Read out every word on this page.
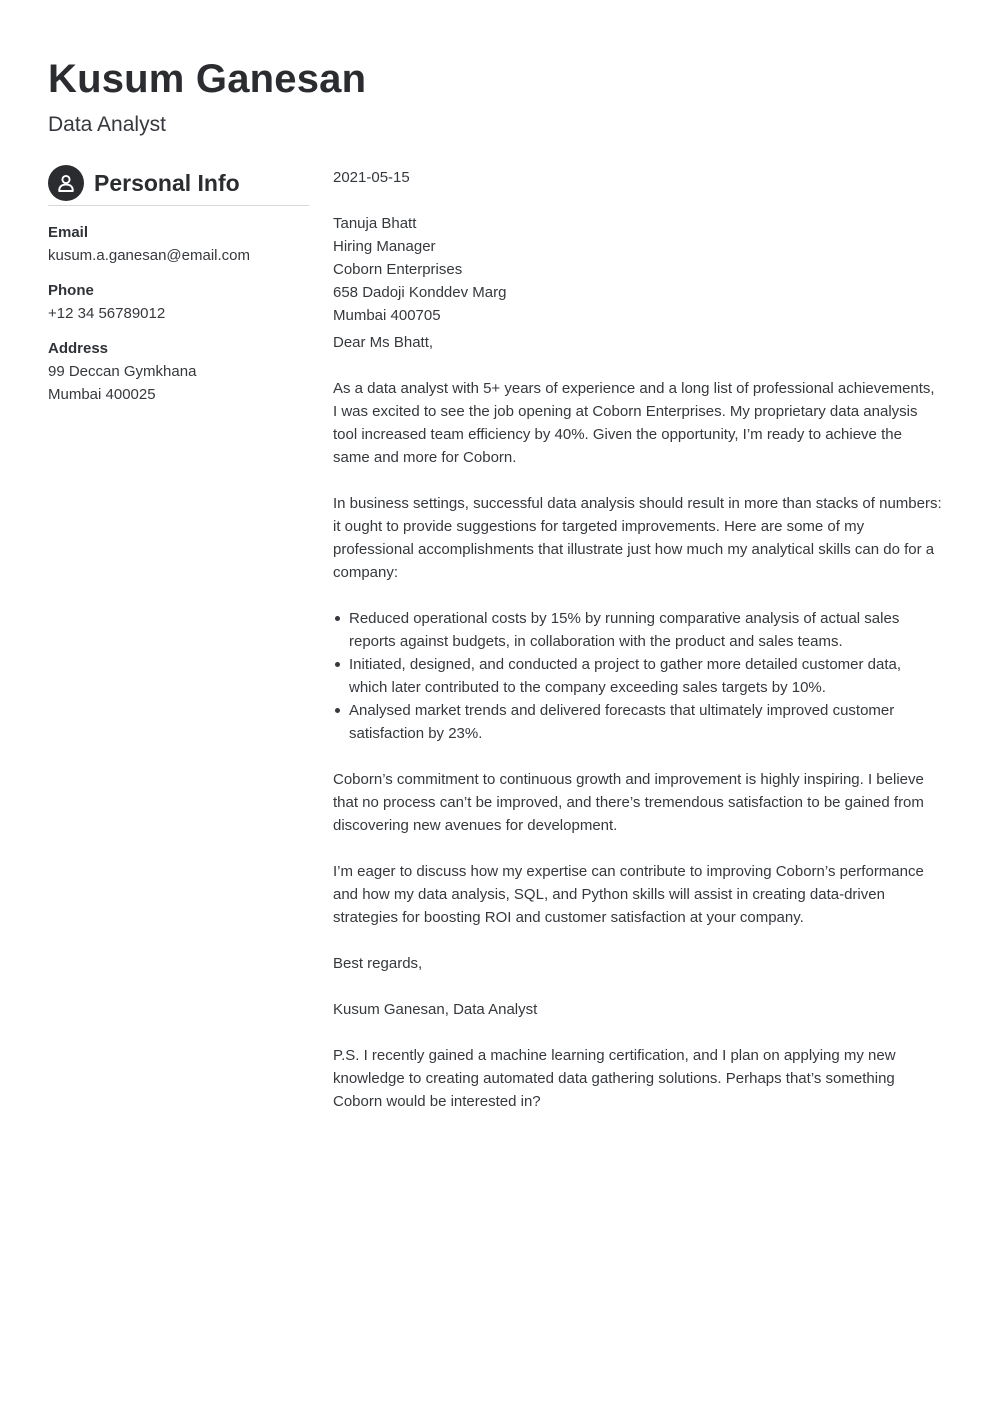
Kusum Ganesan
Data Analyst
Personal Info
Email
kusum.a.ganesan@email.com
Phone
+12 34 56789012
Address
99 Deccan Gymkhana
Mumbai 400025
2021-05-15
Tanuja Bhatt
Hiring Manager
Coborn Enterprises
658 Dadoji Konddev Marg
Mumbai 400705
Dear Ms Bhatt,
As a data analyst with 5+ years of experience and a long list of professional achievements,
I was excited to see the job opening at Coborn Enterprises. My proprietary data analysis
tool increased team efficiency by 40%. Given the opportunity, I’m ready to achieve the
same and more for Coborn.
In business settings, successful data analysis should result in more than stacks of numbers:
it ought to provide suggestions for targeted improvements. Here are some of my
professional accomplishments that illustrate just how much my analytical skills can do for a
company:
Reduced operational costs by 15% by running comparative analysis of actual sales
reports against budgets, in collaboration with the product and sales teams.
Initiated, designed, and conducted a project to gather more detailed customer data,
which later contributed to the company exceeding sales targets by 10%.
Analysed market trends and delivered forecasts that ultimately improved customer
satisfaction by 23%.
Coborn’s commitment to continuous growth and improvement is highly inspiring. I believe
that no process can’t be improved, and there’s tremendous satisfaction to be gained from
discovering new avenues for development.
I’m eager to discuss how my expertise can contribute to improving Coborn’s performance
and how my data analysis, SQL, and Python skills will assist in creating data-driven
strategies for boosting ROI and customer satisfaction at your company.
Best regards,
Kusum Ganesan, Data Analyst
P.S. I recently gained a machine learning certification, and I plan on applying my new
knowledge to creating automated data gathering solutions. Perhaps that’s something
Coborn would be interested in?
